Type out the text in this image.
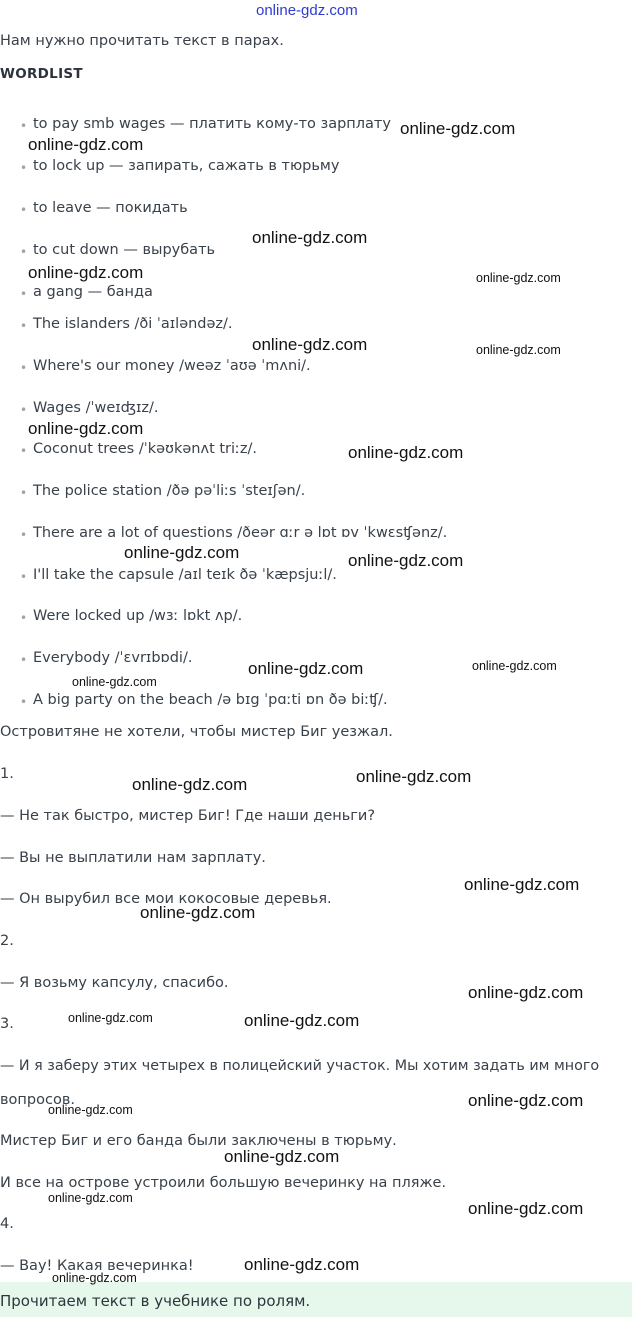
online-gdz.com
Нам нужно прочитать текст в парах.
WORDLIST
• to pay smb wages — платить кому-то зарплату
• to lock up — запирать, сажать в тюрьму
• to leave — покидать
• to cut down — вырубать
• a gang — банда
• The islanders /ði ˈaɪlәndәz/.
• Where's our money /weәz ˈaʊә ˈmʌni/.
• Wages /ˈweɪʤɪz/.
• Coconut trees /ˈkәʊkәnʌt triːz/.
• The police station /ðә pәˈliːs ˈsteɪʃәn/.
• There are a lot of questions /ðeәr ɑːr ә lɒt ɒv ˈkwɛsʧәnz/.
• I'll take the capsule /aɪl teɪk ðә ˈkæpsjuːl/.
• Were locked up /wɜː lɒkt ʌp/.
• Everybody /ˈɛvrɪbɒdi/.
• A big party on the beach /ә bɪg ˈpɑːti ɒn ðә biːʧ/.
Островитяне не хотели, чтобы мистер Биг уезжал.
1.
— Не так быстро, мистер Биг! Где наши деньги?
— Вы не выплатили нам зарплату.
— Он вырубил все мои кокосовые деревья.
2.
— Я возьму капсулу, спасибо.
3.
— И я заберу этих четырех в полицейский участок. Мы хотим задать им много
вопросов.
Мистер Биг и его банда были заключены в тюрьму.
И все на острове устроили большую вечеринку на пляже.
4.
— Вау! Какая вечеринка!
Прочитаем текст в учебнике по ролям.
online-gdz.com
online-gdz.com
online-gdz.com
online-gdz.com	online-gdz.com
online-gdz.com	online-gdz.com
online-gdz.com
online-gdz.com
online-gdz.com	online-gdz.com
online-gdz.com	online-gdz.com
online-gdz.com
online-gdz.com
online-gdz.com
online-gdz.com
online-gdz.com
online-gdz.com
online-gdz.com	online-gdz.com
online-gdz.com
online-gdz.com
online-gdz.com
online-gdz.com
online-gdz.com
online-gdz.com
online-gdz.com
